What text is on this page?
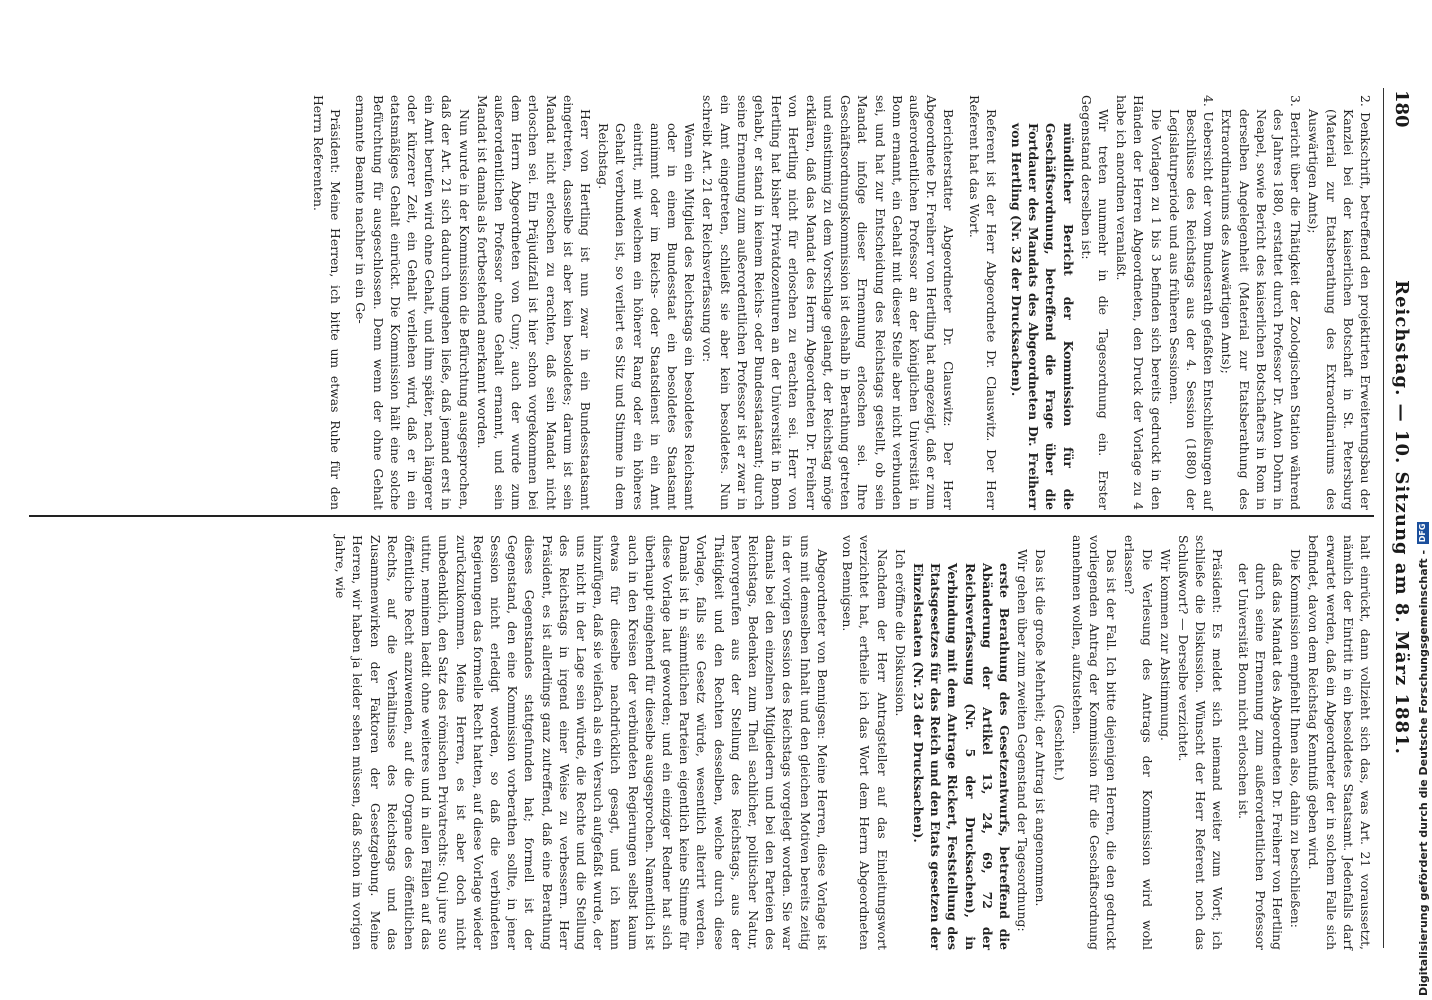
180
Reichstag. — 10. Sitzung am 8. März 1881.

2. Denkschrift, betreffend den projektirten Erweiterungsbau der Kanzlei bei der kaiserlichen Botschaft in St. Petersburg (Material zur Etatsberathung des Extraordinariums des Auswärtigen Amts);

3. Bericht über die Thätigkeit der Zoologischen Station während des Jahres 1880, erstattet durch Professor Dr. Anton Dohrn in Neapel, sowie Bericht des kaiserlichen Botschafters in Rom in derselben Angelegenheit (Material zur Etatsberathung des Extraordinariums des Auswärtigen Amts);

4. Uebersicht der vom Bundesrath gefaßten Entschließungen auf Beschlüsse des Reichstags aus der 4. Session (1880) der Legislaturperiode und aus früheren Sessionen.

Die Vorlagen zu 1 bis 3 befinden sich bereits gedruckt in den Händen der Herren Abgeordneten, den Druck der Vorlage zu 4 habe ich anordnen veranlaßt.

Wir treten nunmehr in die Tagesordnung ein. Erster Gegenstand derselben ist:

mündlicher Bericht der Kommission für die Geschäftsordnung, betreffend die Frage über die Fortdauer des Mandats des Abgeordneten Dr. Freiherr von Hertling (Nr. 32 der Drucksachen).

Referent ist der Herr Abgeordnete Dr. Clauswitz. Der Herr Referent hat das Wort.

Berichterstatter Abgeordneter Dr. Clauswitz: Der Herr Abgeordnete Dr. Freiherr von Hertling hat angezeigt, daß er zum außerordentlichen Professor an der königlichen Universität in Bonn ernannt, ein Gehalt mit dieser Stelle aber nicht verbunden sei, und hat zur Entscheidung des Reichstags gestellt, ob sein Mandat infolge dieser Ernennung erloschen sei. Ihre Geschäftsordnungskommission ist deshalb in Berathung getreten und einstimmig zu dem Vorschlage gelangt, der Reichstag möge erklären, daß das Mandat des Herrn Abgeordneten Dr. Freiherr von Hertling nicht für erloschen zu erachten sei. Herr von Hertling hat bisher Privatdozenturen an der Universität in Bonn gehabt, er stand in keinem Reichs- oder Bundesstaatsamt; durch seine Ernennung zum außerordentlichen Professor ist er zwar in ein Amt eingetreten, schließt sie aber kein besoldetes. Nun schreibt Art. 21 der Reichsverfassung vor:

Wenn ein Mitglied des Reichstags ein besoldetes Reichsamt oder in einem Bundesstaat ein besoldetes Staatsamt annimmt oder im Reichs- oder Staatsdienst in ein Amt eintritt, mit welchem ein höherer Rang oder ein höheres Gehalt verbunden ist, so verliert es Sitz und Stimme in dem Reichstag.

Herr von Hertling ist nun zwar in ein Bundesstaatsamt eingetreten, dasselbe ist aber kein besoldetes; darum ist sein Mandat nicht erloschen zu erachten, daß sein Mandat nicht erloschen sei. Ein Präjudizfall ist hier schon vorgekommen bei dem Herrn Abgeordneten von Cuny; auch der wurde zum außerordentlichen Professor ohne Gehalt ernannt, und sein Mandat ist damals als fortbestehend anerkannt worden.

Nun wurde in der Kommission die Befürchtung ausgesprochen, daß der Art. 21 sich dadurch umgehen ließe, daß jemand erst in ein Amt berufen wird ohne Gehalt, und ihm später, nach längerer oder kürzerer Zeit, ein Gehalt verliehen wird, daß er in ein etatsmäßiges Gehalt einrückt. Die Kommission hält eine solche Befürchtung für ausgeschlossen. Denn wenn der ohne Gehalt ernannte Beamte nachher in ein Ge-

Präsident: Meine Herren, ich bitte um etwas Ruhe für den Herrn Referenten.

halt einrückt, dann vollzieht sich das, was Art. 21 voraussetzt, nämlich der Eintritt in ein besoldetes Staatsamt. Jedenfalls darf erwartet werden, daß ein Abgeordneter der in solchem Falle sich befindet, davon dem Reichstag Kenntniß geben wird.

Die Kommission empfiehlt Ihnen also, dahin zu beschließen:

daß das Mandat des Abgeordneten Dr. Freiherr von Hertling durch seine Ernennung zum außerordentlichen Professor der Universität Bonn nicht erloschen ist.

Präsident: Es meldet sich niemand weiter zum Wort; ich schließe die Diskussion. Wünscht der Herr Referent noch das Schlußwort? — Derselbe verzichtet.

Wir kommen zur Abstimmung.

Die Verlesung des Antrags der Kommission wird wohl erlassen?

Das ist der Fall. Ich bitte diejenigen Herren, die den gedruckt vorliegenden Antrag der Kommission für die Geschäftsordnung annehmen wollen, aufzustehen.

(Geschieht.)

Das ist die große Mehrheit; der Antrag ist angenommen.

Wir gehen über zum zweiten Gegenstand der Tagesordnung:

erste Berathung des Gesetzentwurfs, betreffend die Abänderung der Artikel 13, 24, 69, 72 der Reichsverfassung (Nr. 5 der Drucksachen), in Verbindung mit dem Antrage Rickert, Feststellung des Etatsgesetzes für das Reich und den Etats gesetzen der Einzelstaaten (Nr. 23 der Drucksachen).

Ich eröffne die Diskussion.

Nachdem der Herr Antragsteller auf das Einleitungswort verzichtet hat, ertheile ich das Wort dem Herrn Abgeordneten von Bennigsen.

Abgeordneter von Bennigsen: Meine Herren, diese Vorlage ist uns mit demselben Inhalt und den gleichen Motiven bereits zeitig in der vorigen Session des Reichstags vorgelegt worden. Sie war damals bei den einzelnen Mitgliedern und bei den Parteien des Reichstags, Bedenken zum Theil sachlicher, politischer Natur, hervorgerufen aus der Stellung des Reichstags, aus der Thätigkeit und den Rechten desselben, welche durch diese Vorlage, falls sie Gesetz würde, wesentlich alterirt werden. Damals ist in sämmtlichen Parteien eigentlich keine Stimme für diese Vorlage laut geworden; und ein einziger Redner hat sich überhaupt eingehend für dieselbe ausgesprochen. Namentlich ist auch in den Kreisen der verbündeten Regierungen selbst kaum etwas für dieselbe nachdrücklich gesagt, und ich kann hinzufügen, daß sie vielfach als ein Versuch aufgefaßt wurde, der uns nicht in der Lage sein würde, die Rechte und die Stellung des Reichstags in irgend einer Weise zu verbessern. Herr Präsident, es ist allerdings ganz zutreffend, daß eine Berathung dieses Gegenstandes stattgefunden hat; formell ist der Gegenstand, den eine Kommission vorberathen sollte, in jener Session nicht erledigt worden, so daß die verbündeten Regierungen das formelle Recht hatten, auf diese Vorlage wieder zurückzukommen. Meine Herren, es ist aber doch nicht unbedenklich, den Satz des römischen Privatrechts: Qui jure suo utitur, neminem laedit ohne weiteres und in allen Fällen auf das öffentliche Recht anzuwenden, auf die Organe des öffentlichen Rechts, auf die Verhältnisse des Reichstags und das Zusammenwirken der Faktoren der Gesetzgebung. Meine Herren, wir haben ja leider sehen müssen, daß schon im vorigen Jahre, wie	Digitalisierung gefördert durch die Deutsche Forschungsgemeinschaft -
DFG
